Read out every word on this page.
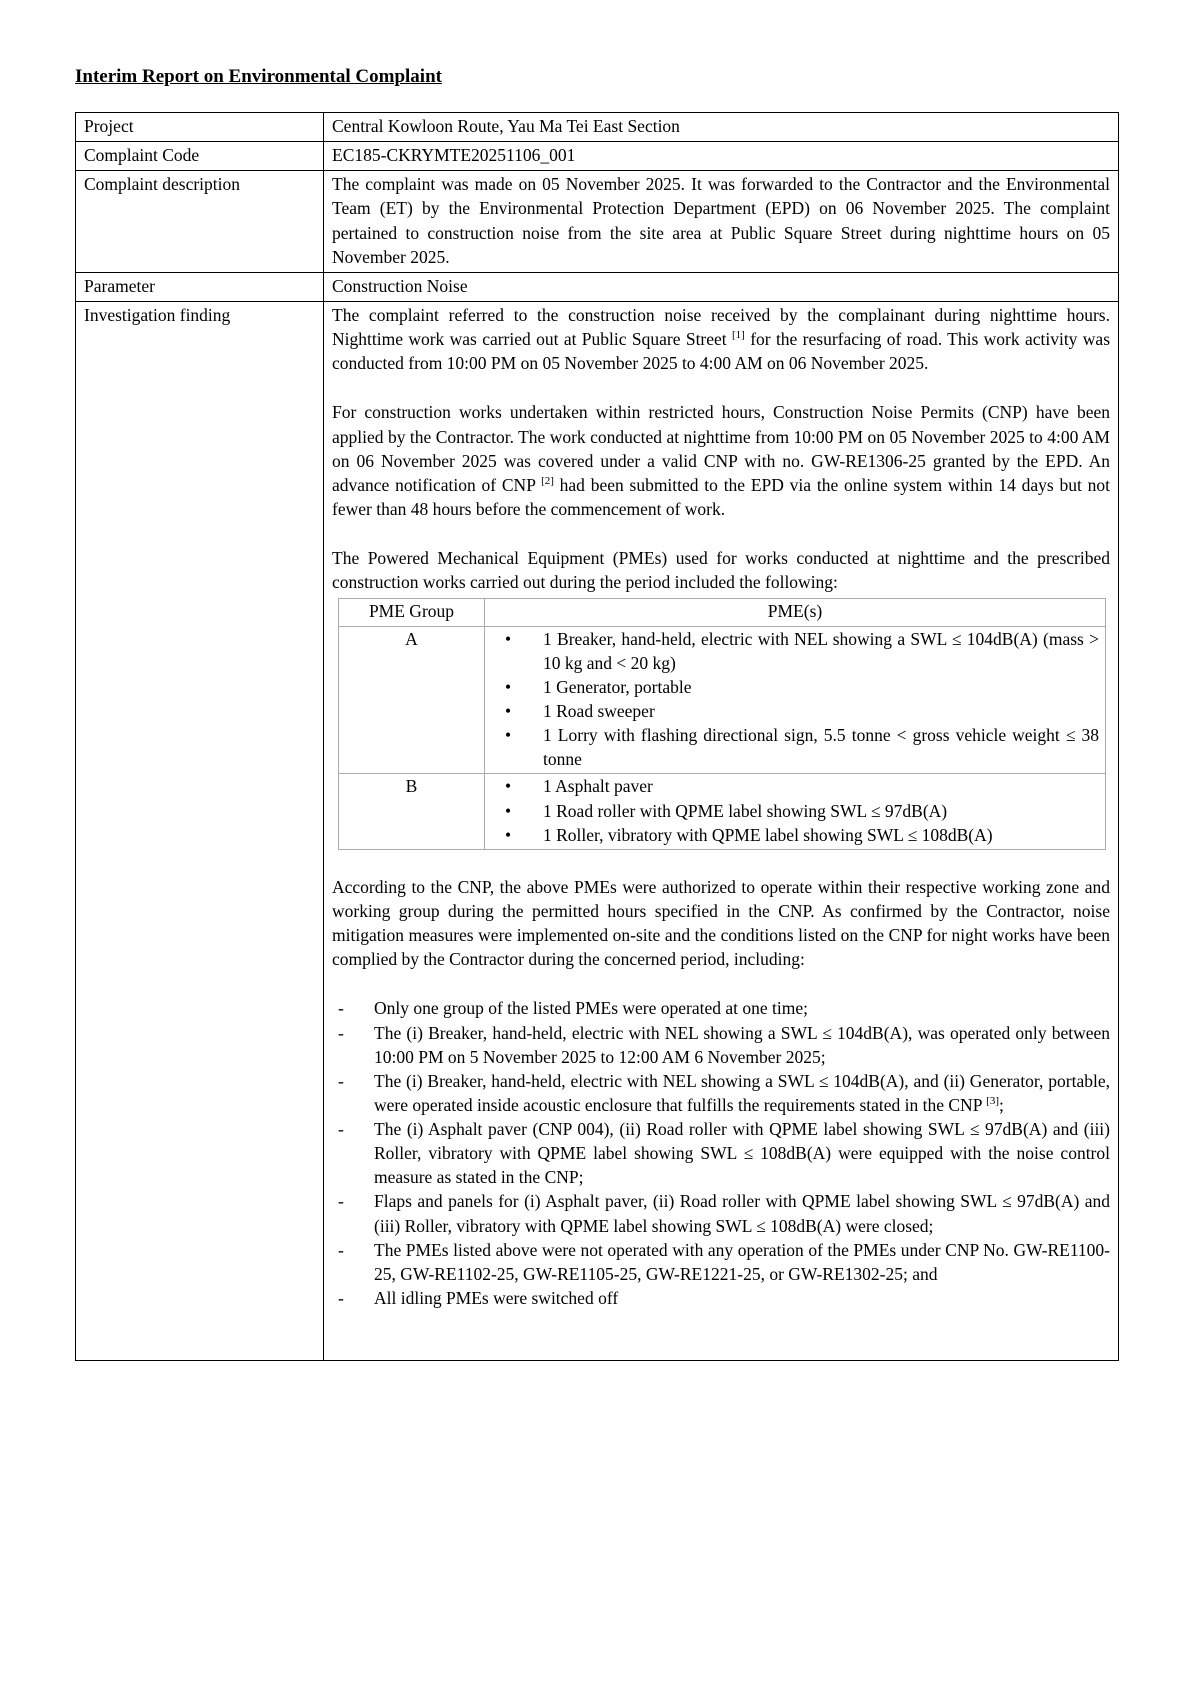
Interim Report on Environmental Complaint
Project	Central Kowloon Route, Yau Ma Tei East Section
Complaint Code	EC185-CKRYMTE20251106_001
Complaint description	The complaint was made on 05 November 2025. It was forwarded to the Contractor and the Environmental Team (ET) by the Environmental Protection Department (EPD) on 06 November 2025. The complaint pertained to construction noise from the site area at Public Square Street during nighttime hours on 05 November 2025.
Parameter	Construction Noise
Investigation finding	The complaint referred to the construction noise received by the complainant during nighttime hours. Nighttime work was carried out at Public Square Street [1] for the resurfacing of road. This work activity was conducted from 10:00 PM on 05 November 2025 to 4:00 AM on 06 November 2025.

For construction works undertaken within restricted hours, Construction Noise Permits (CNP) have been applied by the Contractor. The work conducted at nighttime from 10:00 PM on 05 November 2025 to 4:00 AM on 06 November 2025 was covered under a valid CNP with no. GW-RE1306-25 granted by the EPD. An advance notification of CNP [2] had been submitted to the EPD via the online system within 14 days but not fewer than 48 hours before the commencement of work.

The Powered Mechanical Equipment (PMEs) used for works conducted at nighttime and the prescribed construction works carried out during the period included the following:

PME Group	PME(s)
A	• 1 Breaker, hand-held, electric with NEL showing a SWL ≤ 104dB(A) (mass > 10 kg and < 20 kg)
• 1 Generator, portable
• 1 Road sweeper
• 1 Lorry with flashing directional sign, 5.5 tonne < gross vehicle weight ≤ 38 tonne

B	• 1 Asphalt paver
• 1 Road roller with QPME label showing SWL ≤ 97dB(A)
• 1 Roller, vibratory with QPME label showing SWL ≤ 108dB(A)

According to the CNP, the above PMEs were authorized to operate within their respective working zone and working group during the permitted hours specified in the CNP. As confirmed by the Contractor, noise mitigation measures were implemented on-site and the conditions listed on the CNP for night works have been complied by the Contractor during the concerned period, including:

- Only one group of the listed PMEs were operated at one time;
- The (i) Breaker, hand-held, electric with NEL showing a SWL ≤ 104dB(A), was operated only between 10:00 PM on 5 November 2025 to 12:00 AM 6 November 2025;
- The (i) Breaker, hand-held, electric with NEL showing a SWL ≤ 104dB(A), and (ii) Generator, portable, were operated inside acoustic enclosure that fulfills the requirements stated in the CNP [3];
- The (i) Asphalt paver (CNP 004), (ii) Road roller with QPME label showing SWL ≤ 97dB(A) and (iii) Roller, vibratory with QPME label showing SWL ≤ 108dB(A) were equipped with the noise control measure as stated in the CNP;
- Flaps and panels for (i) Asphalt paver, (ii) Road roller with QPME label showing SWL ≤ 97dB(A) and (iii) Roller, vibratory with QPME label showing SWL ≤ 108dB(A) were closed;
- The PMEs listed above were not operated with any operation of the PMEs under CNP No. GW-RE1100-25, GW-RE1102-25, GW-RE1105-25, GW-RE1221-25, or GW-RE1302-25; and
- All idling PMEs were switched off
